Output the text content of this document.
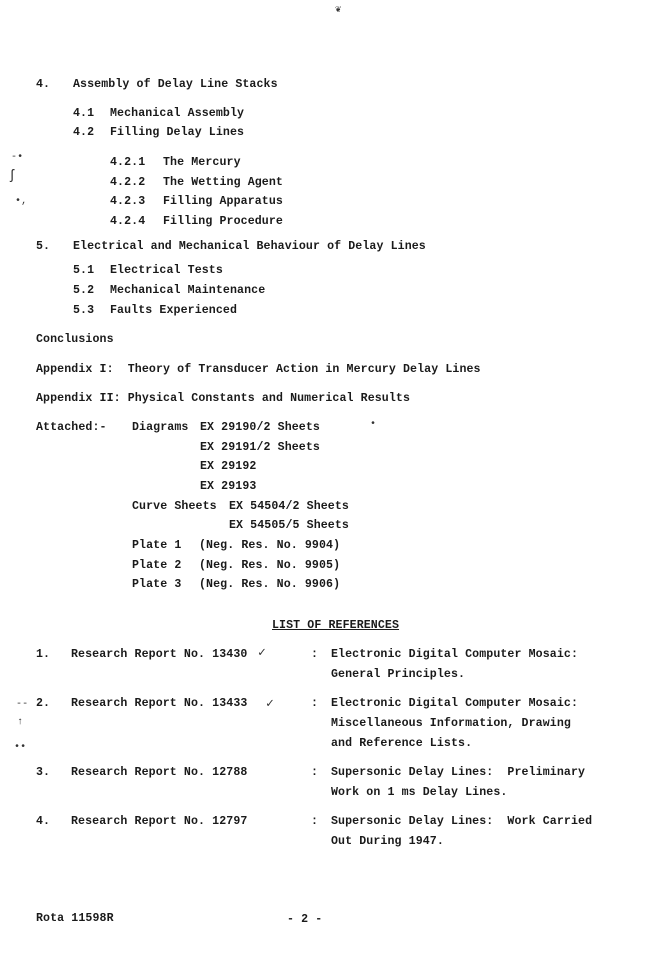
❦
4. Assembly of Delay Line Stacks
4.1 Mechanical Assembly
4.2 Filling Delay Lines
4.2.1 The Mercury
4.2.2 The Wetting Agent
4.2.3 Filling Apparatus
4.2.4 Filling Procedure
-•
ʃ
•,
5. Electrical and Mechanical Behaviour of Delay Lines
5.1 Electrical Tests
5.2 Mechanical Maintenance
5.3 Faults Experienced
Conclusions
Appendix I:  Theory of Transducer Action in Mercury Delay Lines
Appendix II: Physical Constants and Numerical Results
Attached:- Diagrams EX 29190/2 Sheets
EX 29191/2 Sheets
EX 29192
EX 29193
•
Curve Sheets EX 54504/2 Sheets
EX 54505/5 Sheets
Plate 1 (Neg. Res. No. 9904)
Plate 2 (Neg. Res. No. 9905)
Plate 3 (Neg. Res. No. 9906)
LIST OF REFERENCES
1. Research Report No. 13430	: Electronic Digital Computer Mosaic:
General Principles.
✓
2. Research Report No. 13433	: Electronic Digital Computer Mosaic:
Miscellaneous Information, Drawing
and Reference Lists.
✓
--
↑
••
3. Research Report No. 12788	: Supersonic Delay Lines:  Preliminary
Work on 1 ms Delay Lines.
4. Research Report No. 12797	: Supersonic Delay Lines:  Work Carried
Out During 1947.
Rota 11598R	- 2 -
